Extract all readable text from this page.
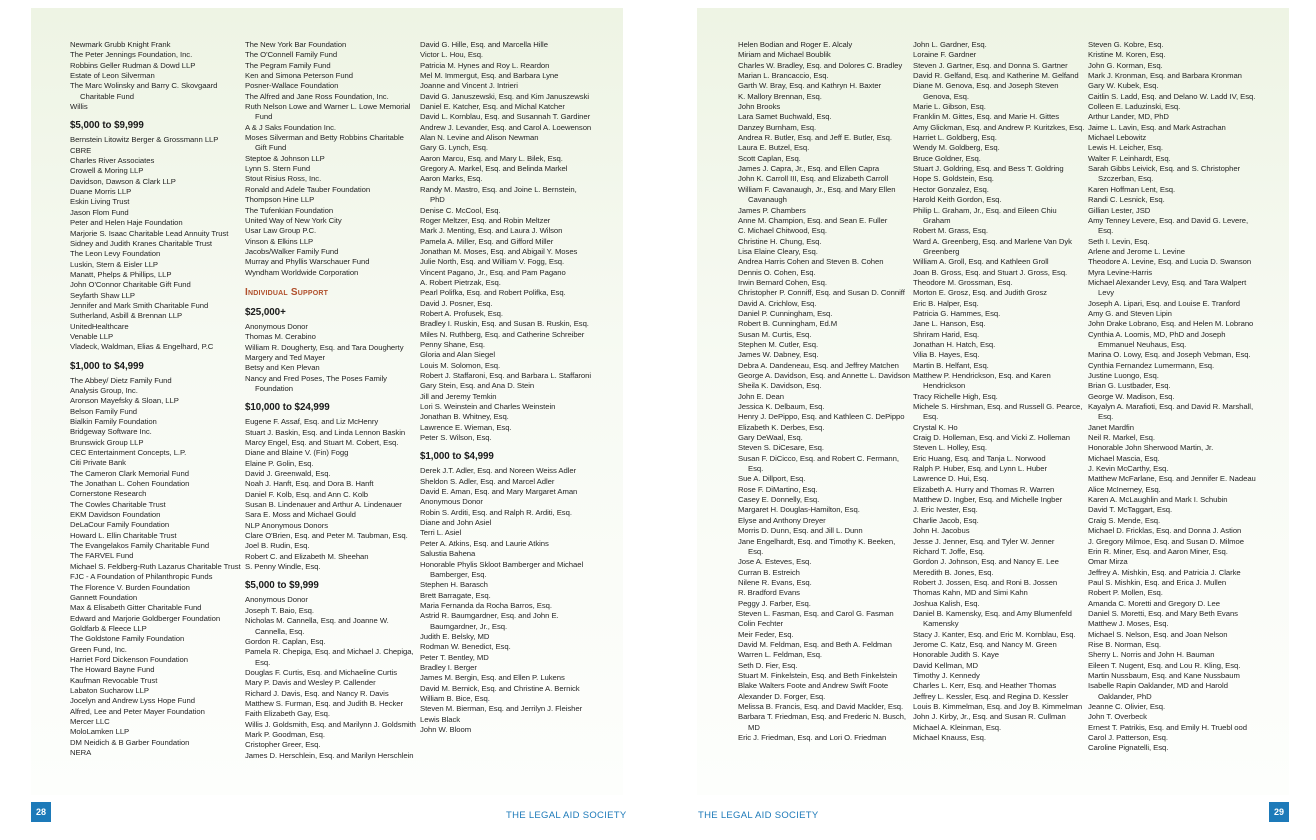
Newmark Grubb Knight Frank
The Peter Jennings Foundation, Inc.
Robbins Geller Rudman & Dowd LLP
Estate of Leon Silverman
The Marc Wolinsky and Barry C. Skovgaard Charitable Fund
Willis
$5,000 to $9,999
Bernstein Litowitz Berger & Grossmann LLP
CBRE
Charles River Associates
Crowell & Moring LLP
Davidson, Dawson & Clark LLP
Duane Morris LLP
Eskin Living Trust
Jason Flom Fund
Peter and Helen Haje Foundation
Marjorie S. Isaac Charitable Lead Annuity Trust
Sidney and Judith Kranes Charitable Trust
The Leon Levy Foundation
Luskin, Stern & Eisler LLP
Manatt, Phelps & Phillips, LLP
John O'Connor Charitable Gift Fund
Seyfarth Shaw LLP
Jennifer and Mark Smith Charitable Fund
Sutherland, Asbill & Brennan LLP
UnitedHealthcare
Venable LLP
Vladeck, Waldman, Elias & Engelhard, P.C
$1,000 to $4,999
The Abbey/ Dietz Family Fund
Analysis Group, Inc.
Aronson Mayefsky & Sloan, LLP
Belson Family Fund
Bialkin Family Foundation
Bridgeway Software Inc.
Brunswick Group LLP
CEC Entertainment Concepts, L.P.
Citi Private Bank
The Cameron Clark Memorial Fund
The Jonathan L. Cohen Foundation
Cornerstone Research
The Cowles Charitable Trust
EKM Davidson Foundation
DeLaCour Family Foundation
Howard L. Ellin Charitable Trust
The Evangelakos Family Charitable Fund
The FARVEL Fund
Michael S. Feldberg-Ruth Lazarus Charitable Trust
FJC - A Foundation of Philanthropic Funds
The Florence V. Burden Foundation
Gannett Foundation
Max & Elisabeth Gitter Charitable Fund
Edward and Marjorie Goldberger Foundation
Goldfarb & Fleece LLP
The Goldstone Family Foundation
Green Fund, Inc.
Harriet Ford Dickenson Foundation
The Howard Bayne Fund
Kaufman Revocable Trust
Labaton Sucharow LLP
Jocelyn and Andrew Lyss Hope Fund
Alfred, Lee and Peter Mayer Foundation
Mercer LLC
MoloLamken LLP
DM Neidich & B Garber Foundation
NERA
The New York Bar Foundation
The O'Connell Family Fund
The Pegram Family Fund
Ken and Simona Peterson Fund
Posner-Wallace Foundation
The Alfred and Jane Ross Foundation, Inc.
Ruth Nelson Lowe and Warner L. Lowe Memorial Fund
A & J Saks Foundation Inc.
Moses Silverman and Betty Robbins Charitable Gift Fund
Steptoe & Johnson LLP
Lynn S. Stern Fund
Stout Risius Ross, Inc.
Ronald and Adele Tauber Foundation
Thompson Hine LLP
The Tufenkian Foundation
United Way of New York City
Usar Law Group P.C.
Vinson & Elkins LLP
Jacobs/Walker Family Fund
Murray and Phyllis Warschauer Fund
Wyndham Worldwide Corporation
Individual Support
$25,000+
Anonymous Donor
Thomas M. Cerabino
William R. Dougherty, Esq. and Tara Dougherty
Margery and Ted Mayer
Betsy and Ken Plevan
Nancy and Fred Poses, The Poses Family Foundation
$10,000 to $24,999
Eugene F. Assaf, Esq. and Liz McHenry
Stuart J. Baskin, Esq. and Linda Lennon Baskin
Marcy Engel, Esq. and Stuart M. Cobert, Esq.
Diane and Blaine V. (Fin) Fogg
Elaine P. Golin, Esq.
David J. Greenwald, Esq.
Noah J. Hanft, Esq. and Dora B. Hanft
Daniel F. Kolb, Esq. and Ann C. Kolb
Susan B. Lindenauer and Arthur A. Lindenauer
Sara E. Moss and Michael Gould
NLP Anonymous Donors
Clare O'Brien, Esq. and Peter M. Taubman, Esq.
Joel B. Rudin, Esq.
Robert C. and Elizabeth M. Sheehan
S. Penny Windle, Esq.
$5,000 to $9,999
Anonymous Donor
Joseph T. Baio, Esq.
Nicholas M. Cannella, Esq. and Joanne W. Cannella, Esq.
Gordon R. Caplan, Esq.
Pamela R. Chepiga, Esq. and Michael J. Chepiga, Esq.
Douglas F. Curtis, Esq. and Michaeline Curtis
Mary P. Davis and Wesley P. Callender
Richard J. Davis, Esq. and Nancy R. Davis
Matthew S. Furman, Esq. and Judith B. Hecker
Faith Elizabeth Gay, Esq.
Willis J. Goldsmith, Esq. and Marilynn J. Goldsmith
Mark P. Goodman, Esq.
Cristopher Greer, Esq.
James D. Herschlein, Esq. and Marilyn Herschlein
David G. Hille, Esq. and Marcella Hille
Victor L. Hou, Esq.
Patricia M. Hynes and Roy L. Reardon
Mel M. Immergut, Esq. and Barbara Lyne
Joanne and Vincent J. Intrieri
David G. Januszewski, Esq. and Kim Januszewski
Daniel E. Katcher, Esq. and Michal Katcher
David L. Kornblau, Esq. and Susannah T. Gardiner
Andrew J. Levander, Esq. and Carol A. Loewenson
Alan N. Levine and Alison Newman
Gary G. Lynch, Esq.
Aaron Marcu, Esq. and Mary L. Bilek, Esq.
Gregory A. Markel, Esq. and Belinda Markel
Aaron Marks, Esq.
Randy M. Mastro, Esq. and Joine L. Bernstein, PhD
Denise C. McCool, Esq.
Roger Meltzer, Esq. and Robin Meltzer
Mark J. Menting, Esq. and Laura J. Wilson
Pamela A. Miller, Esq. and Gifford Miller
Jonathan M. Moses, Esq. and Abigail Y. Moses
Julie North, Esq. and William V. Fogg, Esq.
Vincent Pagano, Jr., Esq. and Pam Pagano
A. Robert Pietrzak, Esq.
Pearl Polifka, Esq. and Robert Polifka, Esq.
David J. Posner, Esq.
Robert A. Profusek, Esq.
Bradley I. Ruskin, Esq. and Susan B. Ruskin, Esq.
Miles N. Ruthberg, Esq. and Catherine Schreiber
Penny Shane, Esq.
Gloria and Alan Siegel
Louis M. Solomon, Esq.
Robert J. Staffaroni, Esq. and Barbara L. Staffaroni
Gary Stein, Esq. and Ana D. Stein
Jill and Jeremy Temkin
Lori S. Weinstein and Charles Weinstein
Jonathan B. Whitney, Esq.
Lawrence E. Wieman, Esq.
Peter S. Wilson, Esq.
$1,000 to $4,999
Derek J.T. Adler, Esq. and Noreen Weiss Adler
Sheldon S. Adler, Esq. and Marcel Adler
David E. Aman, Esq. and Mary Margaret Aman
Anonymous Donor
Robin S. Arditi, Esq. and Ralph R. Arditi, Esq.
Diane and John Asiel
Terri L. Asiel
Peter A. Atkins, Esq. and Laurie Atkins
Salustia Bahena
Honorable Phylis Skloot Bamberger and Michael Bamberger, Esq.
Stephen H. Barasch
Brett Barragate, Esq.
Maria Fernanda da Rocha Barros, Esq.
Astrid R. Baumgardner, Esq. and John E. Baumgardner, Jr., Esq.
Judith E. Belsky, MD
Rodman W. Benedict, Esq.
Peter T. Bentley, MD
Bradley I. Berger
James M. Bergin, Esq. and Ellen P. Lukens
David M. Bernick, Esq. and Christine A. Bernick
William B. Bice, Esq.
Steven M. Bierman, Esq. and Jerrilyn J. Fleisher
Lewis Black
John W. Bloom
Helen Bodian and Roger E. Alcaly
Miriam and Michael Boublik
Charles W. Bradley, Esq. and Dolores C. Bradley
Marian L. Brancaccio, Esq.
Garth W. Bray, Esq. and Kathryn H. Baxter
K. Mallory Brennan, Esq.
John Brooks
Lara Samet Buchwald, Esq.
Danzey Burnham, Esq.
Andrea R. Butler, Esq. and Jeff E. Butler, Esq.
Laura E. Butzel, Esq.
Scott Caplan, Esq.
James J. Capra, Jr., Esq. and Ellen Capra
John K. Carroll III, Esq. and Elizabeth Carroll
William F. Cavanaugh, Jr., Esq. and Mary Ellen Cavanaugh
James P. Chambers
Anne M. Champion, Esq. and Sean E. Fuller
C. Michael Chitwood, Esq.
Christine H. Chung, Esq.
Lisa Elaine Cleary, Esq.
Andrea Harris Cohen and Steven B. Cohen
Dennis O. Cohen, Esq.
Irwin Bernard Cohen, Esq.
Christopher P. Conniff, Esq. and Susan D. Conniff
David A. Crichlow, Esq.
Daniel P. Cunningham, Esq.
Robert B. Cunningham, Ed.M
Susan M. Curtis, Esq.
Stephen M. Cutler, Esq.
James W. Dabney, Esq.
Debra A. Dandeneau, Esq. and Jeffrey Matchen
George A. Davidson, Esq. and Annette L. Davidson
Sheila K. Davidson, Esq.
John E. Dean
Jessica K. Delbaum, Esq.
Henry J. DePippo, Esq. and Kathleen C. DePippo
Elizabeth K. Derbes, Esq.
Gary DeWaal, Esq.
Steven S. DiCesare, Esq.
Susan F. DiCicco, Esq. and Robert C. Fermann, Esq.
Sue A. Dillport, Esq.
Rose F. DiMartino, Esq.
Casey E. Donnelly, Esq.
Margaret H. Douglas-Hamilton, Esq.
Elyse and Anthony Dreyer
Morris D. Dunn, Esq. and Jill L. Dunn
Jane Engelhardt, Esq. and Timothy K. Beeken, Esq.
Jose A. Esteves, Esq.
Curran B. Estreich
Nilene R. Evans, Esq.
R. Bradford Evans
Peggy J. Farber, Esq.
Steven L. Fasman, Esq. and Carol G. Fasman
Colin Fechter
Meir Feder, Esq.
David M. Feldman, Esq. and Beth A. Feldman
Warren L. Feldman, Esq.
Seth D. Fier, Esq.
Stuart M. Finkelstein, Esq. and Beth Finkelstein
Blake Walters Foote and Andrew Swift Foote
Alexander D. Forger, Esq.
Melissa B. Francis, Esq. and David Mackler, Esq.
Barbara T. Friedman, Esq. and Frederic N. Busch, MD
Eric J. Friedman, Esq. and Lori O. Friedman
John L. Gardner, Esq.
Loraine F. Gardner
Steven J. Gartner, Esq. and Donna S. Gartner
David R. Gelfand, Esq. and Katherine M. Gelfand
Diane M. Genova, Esq. and Joseph Steven Genova, Esq.
Marie L. Gibson, Esq.
Franklin M. Gittes, Esq. and Marie H. Gittes
Amy Glickman, Esq. and Andrew P. Kuritzkes, Esq.
Harriet L. Goldberg, Esq.
Wendy M. Goldberg, Esq.
Bruce Goldner, Esq.
Stuart J. Goldring, Esq. and Bess T. Goldring
Hope S. Goldstein, Esq.
Hector Gonzalez, Esq.
Harold Keith Gordon, Esq.
Philip L. Graham, Jr., Esq. and Eileen Chiu Graham
Robert M. Grass, Esq.
Ward A. Greenberg, Esq. and Marlene Van Dyk Greenberg
William A. Groll, Esq. and Kathleen Groll
Joan B. Gross, Esq. and Stuart J. Gross, Esq.
Theodore M. Grossman, Esq.
Morton E. Grosz, Esq. and Judith Grosz
Eric B. Halper, Esq.
Patricia G. Hammes, Esq.
Jane L. Hanson, Esq.
Shriram Harid, Esq.
Jonathan H. Hatch, Esq.
Vilia B. Hayes, Esq.
Martin B. Helfant, Esq.
Matthew P. Hendrickson, Esq. and Karen Hendrickson
Tracy Richelle High, Esq.
Michele S. Hirshman, Esq. and Russell G. Pearce, Esq.
Crystal K. Ho
Craig D. Holleman, Esq. and Vicki Z. Holleman
Steven L. Holley, Esq.
Eric Huang, Esq. and Tanja L. Norwood
Ralph P. Huber, Esq. and Lynn L. Huber
Lawrence D. Hui, Esq.
Elizabeth A. Hurry and Thomas R. Warren
Matthew D. Ingber, Esq. and Michelle Ingber
J. Eric Ivester, Esq.
Charlie Jacob, Esq.
John H. Jacobus
Jesse J. Jenner, Esq. and Tyler W. Jenner
Richard T. Joffe, Esq.
Gordon J. Johnson, Esq. and Nancy E. Lee
Meredith B. Jones, Esq.
Robert J. Jossen, Esq. and Roni B. Jossen
Thomas Kahn, MD and Simi Kahn
Joshua Kalish, Esq.
Daniel B. Kamensky, Esq. and Amy Blumenfeld Kamensky
Stacy J. Kanter, Esq. and Eric M. Kornblau, Esq.
Jerome C. Katz, Esq. and Nancy M. Green
Honorable Judith S. Kaye
David Kellman, MD
Timothy J. Kennedy
Charles L. Kerr, Esq. and Heather Thomas
Jeffrey L. Kessler, Esq. and Regina D. Kessler
Louis B. Kimmelman, Esq. and Joy B. Kimmelman
John J. Kirby, Jr., Esq. and Susan R. Cullman
Michael A. Kleinman, Esq.
Michael Knauss, Esq.
Steven G. Kobre, Esq.
Kristine M. Koren, Esq.
John G. Korman, Esq.
Mark J. Kronman, Esq. and Barbara Kronman
Gary W. Kubek, Esq.
Caitlin S. Ladd, Esq. and Delano W. Ladd IV, Esq.
Colleen E. Laduzinski, Esq.
Arthur Lander, MD, PhD
Jaime L. Lavin, Esq. and Mark Astrachan
Michael Lebowitz
Lewis H. Leicher, Esq.
Walter F. Leinhardt, Esq.
Sarah Gibbs Leivick, Esq. and S. Christopher Szczerban, Esq.
Karen Hoffman Lent, Esq.
Randi C. Lesnick, Esq.
Gillian Lester, JSD
Amy Tenney Levere, Esq. and David G. Levere, Esq.
Seth I. Levin, Esq.
Arlene and Jerome L. Levine
Theodore A. Levine, Esq. and Lucia D. Swanson
Myra Levine-Harris
Michael Alexander Levy, Esq. and Tara Walpert Levy
Joseph A. Lipari, Esq. and Louise E. Tranford
Amy G. and Steven Lipin
John Drake Lobrano, Esq. and Helen M. Lobrano
Cynthia A. Loomis, MD, PhD and Joseph Emmanuel Neuhaus, Esq.
Marina O. Lowy, Esq. and Joseph Vebman, Esq.
Cynthia Fernandez Lumermann, Esq.
Justine Luongo, Esq.
Brian G. Lustbader, Esq.
George W. Madison, Esq.
Kayalyn A. Marafioti, Esq. and David R. Marshall, Esq.
Janet Mardfin
Neil R. Markel, Esq.
Honorable John Sherwood Martin, Jr.
Michael Mascia, Esq.
J. Kevin McCarthy, Esq.
Matthew McFarlane, Esq. and Jennifer E. Nadeau
Alice McInerney, Esq.
Karen A. McLaughlin and Mark I. Schubin
David T. McTaggart, Esq.
Craig S. Mende, Esq.
Michael D. Fricklas, Esq. and Donna J. Astion
J. Gregory Milmoe, Esq. and Susan D. Milmoe
Erin R. Miner, Esq. and Aaron Miner, Esq.
Omar Mirza
Jeffrey A. Mishkin, Esq. and Patricia J. Clarke
Paul S. Mishkin, Esq. and Erica J. Mullen
Robert P. Mollen, Esq.
Amanda C. Moretti and Gregory D. Lee
Daniel S. Moretti, Esq. and Mary Beth Evans
Matthew J. Moses, Esq.
Michael S. Nelson, Esq. and Joan Nelson
Rise B. Norman, Esq.
Sherry L. Norris and John H. Bauman
Eileen T. Nugent, Esq. and Lou R. Kling, Esq.
Martin Nussbaum, Esq. and Kane Nussbaum
Isabelle Rapin Oaklander, MD and Harold Oaklander, PhD
Jeanne C. Olivier, Esq.
John T. Overbeck
Ernest T. Patrikis, Esq. and Emily H. Truebl ood
Carol J. Patterson, Esq.
Caroline Pignatelli, Esq.
28	THE LEGAL AID SOCIETY	THE LEGAL AID SOCIETY	29
